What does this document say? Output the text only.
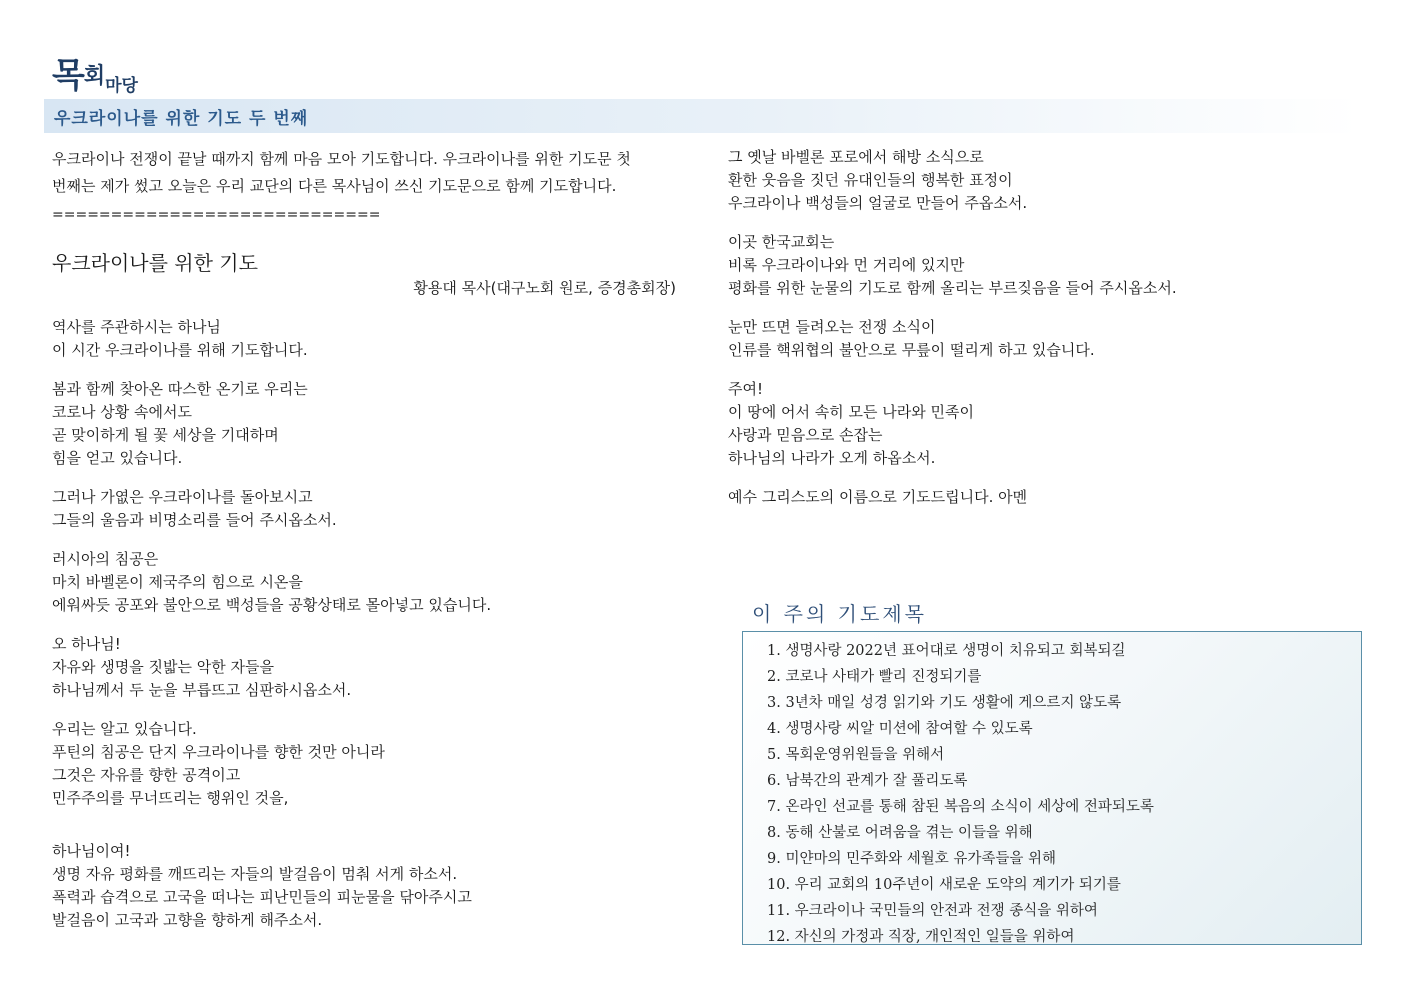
목회마당
우크라이나를 위한 기도 두 번째

우크라이나 전쟁이 끝날 때까지 함께 마음 모아 기도합니다. 우크라이나를 위한 기도문 첫
번째는 제가 썼고 오늘은 우리 교단의 다른 목사님이 쓰신 기도문으로 함께 기도합니다.

============================

우크라이나를 위한 기도

황용대 목사(대구노회 원로, 증경총회장)

역사를 주관하시는 하나님
이 시간 우크라이나를 위해 기도합니다.
봄과 함께 찾아온 따스한 온기로 우리는
코로나 상황 속에서도
곧 맞이하게 될 꽃 세상을 기대하며
힘을 얻고 있습니다.
그러나 가엾은 우크라이나를 돌아보시고
그들의 울음과 비명소리를 들어 주시옵소서.
러시아의 침공은
마치 바벨론이 제국주의 힘으로 시온을
에워싸듯 공포와 불안으로 백성들을 공황상태로 몰아넣고 있습니다.
오 하나님!
자유와 생명을 짓밟는 악한 자들을
하나님께서 두 눈을 부릅뜨고 심판하시옵소서.
우리는 알고 있습니다.
푸틴의 침공은 단지 우크라이나를 향한 것만 아니라
그것은 자유를 향한 공격이고
민주주의를 무너뜨리는 행위인 것을,
하나님이여!
생명 자유 평화를 깨뜨리는 자들의 발걸음이 멈춰 서게 하소서.
폭력과 습격으로 고국을 떠나는 피난민들의 피눈물을 닦아주시고
발걸음이 고국과 고향을 향하게 해주소서.
그 옛날 바벨론 포로에서 해방 소식으로
환한 웃음을 짓던 유대인들의 행복한 표정이
우크라이나 백성들의 얼굴로 만들어 주옵소서.
이곳 한국교회는
비록 우크라이나와 먼 거리에 있지만
평화를 위한 눈물의 기도로 함께 올리는 부르짖음을 들어 주시옵소서.
눈만 뜨면 들려오는 전쟁 소식이
인류를 핵위협의 불안으로 무릎이 떨리게 하고 있습니다.
주여!
이 땅에 어서 속히 모든 나라와 민족이
사랑과 믿음으로 손잡는
하나님의 나라가 오게 하옵소서.
예수 그리스도의 이름으로 기도드립니다. 아멘
이 주의 기도제목
1. 생명사랑 2022년 표어대로 생명이 치유되고 회복되길
2. 코로나 사태가 빨리 진정되기를
3. 3년차 매일 성경 읽기와 기도 생활에 게으르지 않도록
4. 생명사랑 씨알 미션에 참여할 수 있도록
5. 목회운영위원들을 위해서
6. 남북간의 관계가 잘 풀리도록
7. 온라인 선교를 통해 참된 복음의 소식이 세상에 전파되도록
8. 동해 산불로 어려움을 겪는 이들을 위해
9. 미얀마의 민주화와 세월호 유가족들을 위해
10. 우리 교회의 10주년이 새로운 도약의 계기가 되기를
11. 우크라이나 국민들의 안전과 전쟁 종식을 위하여
12. 자신의 가정과 직장, 개인적인 일들을 위하여
